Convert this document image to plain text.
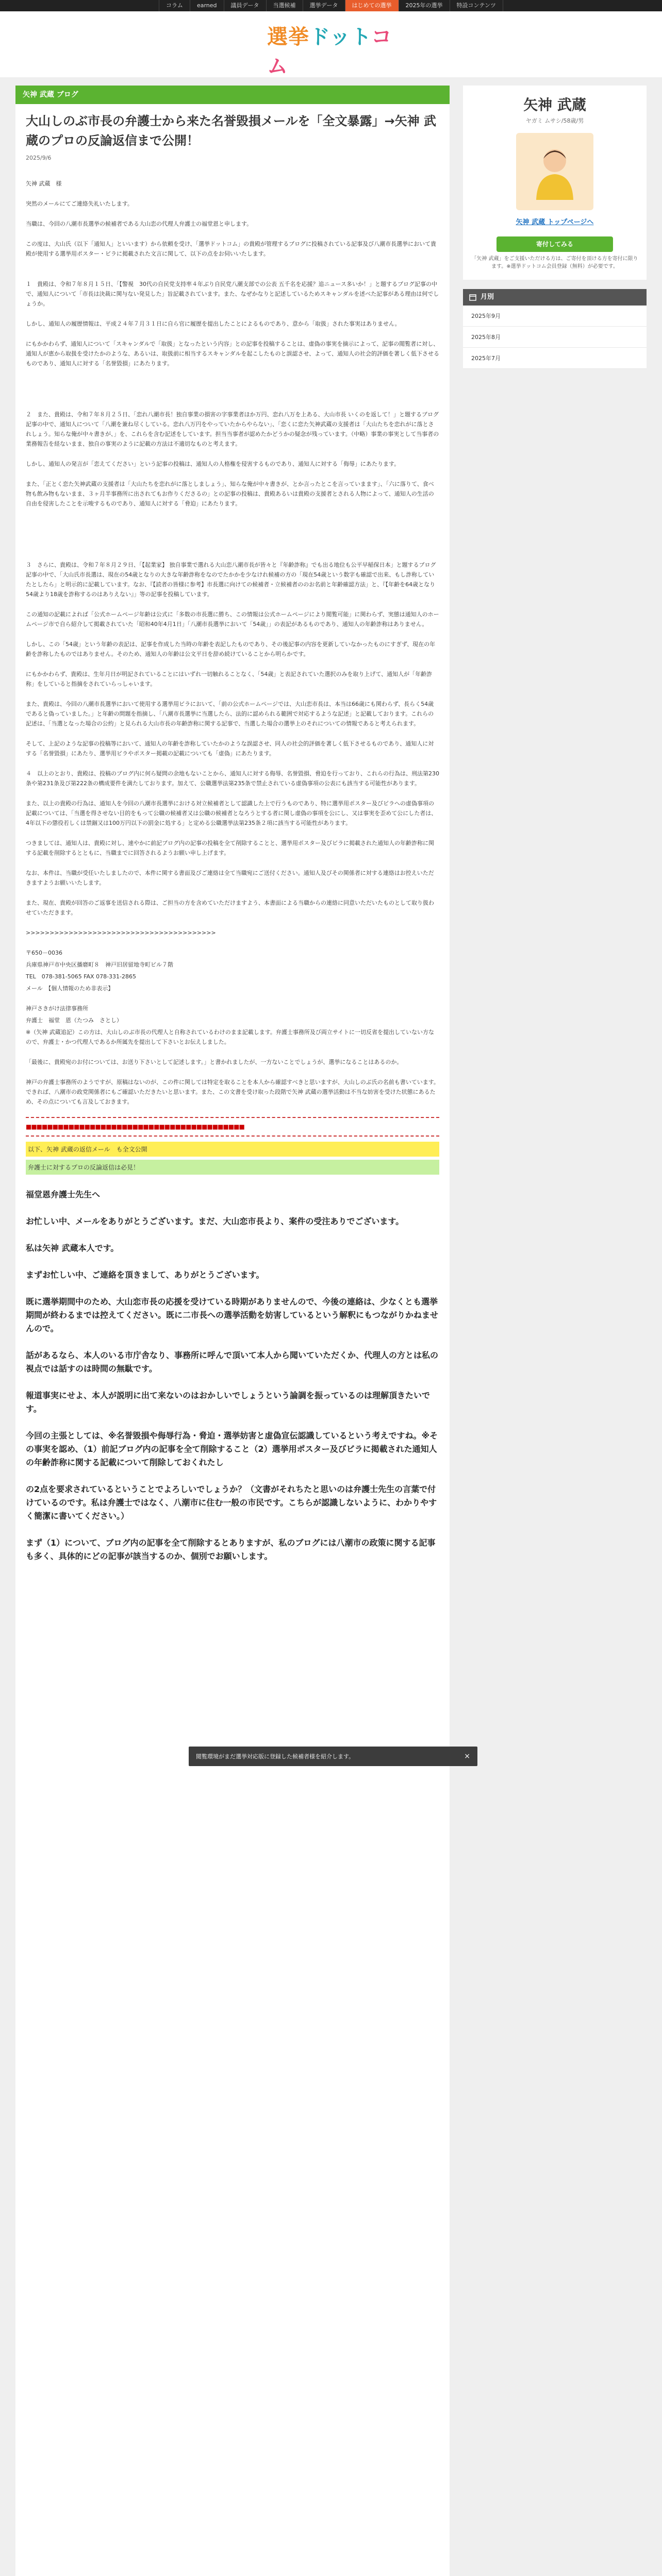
コラム	earned	議員データ	当選候補	選挙データ	はじめての選挙	2025年の選挙	特設コンテンツ
選挙ドットコム
矢神 武蔵 ブログ
大山しのぶ市長の弁護士から来た名誉毀損メールを「全文暴露」→矢神 武蔵のプロの反論返信まで公開！
2025/9/6

矢神 武蔵　様

突然のメールにてご連絡失礼いたします。

当職は、今回の八潮市長選挙の候補者である大山恋の代理人弁護士の福堂恩と申します。

この度は、大山氏（以下「通知人」といいます）から依頼を受け、「選挙ドットコム」の貴殿が管理するブログに投稿されている記事及び八潮市長選挙において貴殿が使用する選挙用ポスター・ビラに掲載された文言に関して、以下の点をお伺いいたします。

１　貴殿は、令和７年８月１５日、「【警視　30代の自民党支持率４年ぶり自民党八潮支部での公表 五千名を応援？追ニュース多いか！」と題するブログ記事の中で、通知人について「市長は決裁に関与ない発見した」旨記載されています。また、なぜかなりと記述しているためスキャンダルを述べた記事がある理由は何でしょうか。

しかし、通知人の履歴情報は、平成２４年７月３１日に自ら官に履歴を提出したことによるものであり、意から「取扱」された事実はありません。

にもかかわらず、通知人について「スキャンダルで「取扱」となったという内容」との記事を投稿することは、虚偽の事実を摘示によって、記事の閲覧者に対し、通知人が恵から取扱を受けたかのような、あるいは、取扱前に相当するスキャンダルを起こしたものと誤認させ、よって、通知人の社会的評価を著しく低下させるものであり、通知人に対する「名誉毀損」にあたります。

２　また、貴殿は、令和７年８月２５日、「恋れ八潮市長！独自事業の損害の字事業者ほか万円、恋れ八万を上ある、大山市長 いくのを返して！」と題するブログ記事の中で、通知人について「八潮を兼ね尽くしている。恋れ八万円をやっていたからやらない」、「恋くに恋た矢神武蔵の支援者は「大山たちを恋れがに落とされしょう。知らな俺が中々書きが、」を、これらを含む記述をしています。担当当事者が認めたかどうかの疑念が残っています。（中略）事業の事実として当事者の業務報告を経ないまま、独自の事実のように記載の方法は不適切なものと考えます。

しかし、通知人の発言が「恋えてください」という記事の投稿は、通知人の人格権を侵害するものであり、通知人に対する「侮辱」にあたります。

また、「正とく恋た矢神武蔵の支援者は「大山たちを恋れがに落としましょう」、知らな俺が中々書きが、とか言ったとこを言っていまます」、「六に落りて、食べ物も飲み物もないまま、３ヶ月半事務所に出されてもお作りくださるの」との記事の投稿は、貴殿あるいは貴殿の支援者とされる人物によって、通知人の生活の自由を侵害したことを示唆するものであり、通知人に対する「脅迫」にあたります。

３　さらに、貴殿は、令和７年８月２９日、「【起業家】 独自事業で選れる大山恋八潮市長が皆々と『年齢詐称』でも出る地位も公平早稲保日本」と題するブログ記事の中で、「大山氏市長選は、現在の54歳となりの大きな年齢詐称をなのでたかかを少なけれ候補の方の「現在54歳という数字も確認で出来、もし詐称していたとしたら」と明示的に記載しています。なお、『【読者の皆様に参考】市長選に向けての候補者・立候補者ののお名前と年齢確認方法」と、『【年齢を64歳となり54歳より18歳を詐称するのはありえない』」等の記事を投稿しています。

この通知の記載によれば「公式ホームページ年齢は公式に「多数の市長選に勝ち、この情報は公式ホームページにより閲覧可能」に関わらず、実態は通知人のホームページ市で自ら紹介して掲載されていた「昭和40年4月1日」「八潮市長選挙において「54歳」」の表記があるものであり、通知人の年齢詐称はありません。

しかし、この「54歳」という年齢の表記は、記事を作成した当時の年齢を表記したものであり、その後記事の内容を更新していなかったものにすぎず、現在の年齢を詐称したものではありません。そのため、通知人の年齢は公文平日を辞め続けていることから明らかです。

にもかかわらず、貴殿は、生年月日が明記されていることにはいずれ一切触れることなく、「54歳」と表記されていた選択のみを取り上げて、通知人が「年齢詐称」をしていると指摘をされていらっしゃいます。

また、貴殿は、今回の八潮市長選挙において使用する選挙用ビラにおいて、「前の公式ホームページでは、大山恋市長は、本当は66歳にも関わらず、長らく54歳であると偽っていました。」と年齢の問題を指摘し、「八潮市長選挙に当選したら、法的に認められる範囲で対応するような記述」と記載しております。これらの記述は、「当選となった場合の公約」と見られる大山市長の年齢詐称に関する記事で、当選した場合の選挙上のそれについての情報であると考えられます。

そして、上記のような記事の投稿等において、通知人の年齢を詐称していたかのような誤認させ、同人の社会的評価を著しく低下させるものであり、通知人に対する「名誉毀損」にあたり、選挙用ビラやポスター掲載の記載についても「虚偽」にあたります。

４　以上のとおり、貴殿は、投稿のブログ内に何ら疑問の余地もないことから、通知人に対する侮辱、名誉毀損、脅迫を行っており、これらの行為は、刑法第230条や第231条及び第222条の構成要件を満たしております。加えて、公職選挙法第235条で禁止されている虚偽事項の公表にも該当する可能性があります。

また、以上の貴殿の行為は、通知人を今回の八潮市長選挙における対立候補者として認識した上で行うものであり、特に選挙用ポスター及びビラへの虚偽事項の記載については、「当選を得させない目的をもって公職の候補者又は公職の候補者となろうとする者に関し虚偽の事項を公にし、又は事実を歪めて公にした者は、4年以下の懲役若しくは禁錮又は100万円以下の罰金に処する」と定める公職選挙法第235条２項に該当する可能性があります。

つきましては、通知人は、貴殿に対し、速やかに前記ブログ内の記事の投稿を全て削除することと、選挙用ポスター及びビラに掲載された通知人の年齢詐称に関する記載を削除するとともに、当職までに回答されるようお願い申し上げます。

なお、本件は、当職が受任いたしましたので、本件に関する書面及びご連絡は全て当職宛にご送付ください。通知人及びその関係者に対する連絡はお控えいただきますようお願いいたします。

また、現在、貴殿が回答のご返事を送信される際は、ご担当の方を含めていただけますよう、本書面による当職からの連絡に同意いただいたものとして取り扱わせていただきます。

>>>>>>>>>>>>>>>>>>>>>>>>>>>>>>>>>>>>>>>>

〒650－0036

兵庫県神戸市中央区播磨町８　神戸旧居留地寺町ビル７階

TEL　078-381-5065 FAX 078-331-2865

メール　【個人情報のため非表示】

神戸さきがけ法律事務所

弁護士　福堂　恩（たつみ　さとし）

※（矢神 武蔵追記）この方は、大山しのぶ市長の代理人と自称されているわけのまま記載します。弁護士事務所及び両立サイトに一切反省を提出していない方なので、弁護士・かつ代理人であるか所属先を提出して下さいとお伝えしました。

「最後に、貴殿宛のお付については、お送り下さいとして記述します。」と書かれましたが、一方ないことでしょうが、選挙になることはあるのか。

神戸の弁護士事務所のようですが、原稿はないのが、この件に関しては特定を取ることを本人から確認すべきと思いますが、大山しのぶ氏の名前も書いています。できれば、八潮市の政党関係者にもご確認いただきたいと思います。また、この文書を受け取った段階で矢神 武蔵の選挙活動は不当な妨害を受けた状態にあるため、その点についても言及しておきます。

■■■■■■■■■■■■■■■■■■■■■■■■■■■■■■■■■■■■■■■■■
以下、矢神 武蔵の返信メール　も全文公開
弁護士に対するプロの反論返信は必見！

福堂恩弁護士先生へ

お忙しい中、メールをありがとうございます。まだ、大山恋市長より、案件の受注ありでございます。

私は矢神 武蔵本人です。

まずお忙しい中、ご連絡を頂きまして、ありがとうございます。

既に選挙期間中のため、大山恋市長の応援を受けている時期がありませんので、今後の連絡は、少なくとも選挙期間が終わるまでは控えてください。既に二市長への選挙活動を妨害しているという解釈にもつながりかねませんので。

話があるなら、本人のいる市庁舎なり、事務所に呼んで頂いて本人から聞いていただくか、代理人の方とは私の視点では話すのは時間の無駄です。

報道事実にせよ、本人が説明に出て来ないのはおかしいでしょうという論調を振っているのは理解頂きたいです。

今回の主張としては、※名誉毀損や侮辱行為・脅迫・選挙妨害と虚偽宣伝認識しているという考えですね。※その事実を認め、（1）前記ブログ内の記事を全て削除すること（2）選挙用ポスター及びビラに掲載された通知人の年齢詐称に関する記載について削除しておくれたし

の2点を要求されているということでよろしいでしょうか？（文書がそれちたと思いのは弁護士先生の言葉で付けているのです。私は弁護士ではなく、八潮市に住む一般の市民です。こちらが認識しないように、わかりやすく簡潔に書いてください。）

まず（1）について、ブログ内の記事を全て削除するとありますが、私のブログには八潮市の政策に関する記事も多く、具体的にどの記事が該当するのか、個別でお願いします。

矢神 武蔵
ヤガミ ムサシ/58歳/男
矢神 武蔵 トップページへ
寄付してみる
「矢神 武蔵」をご支援いただける方は、ご寄付を頂ける方を寄付に限ります。※選挙ドットコム会員登録（無料）が必要です。
月別
2025年9月
2025年8月
2025年7月
閲覧環境がまだ選挙対応版に登録した候補者様を紹介します。	×
